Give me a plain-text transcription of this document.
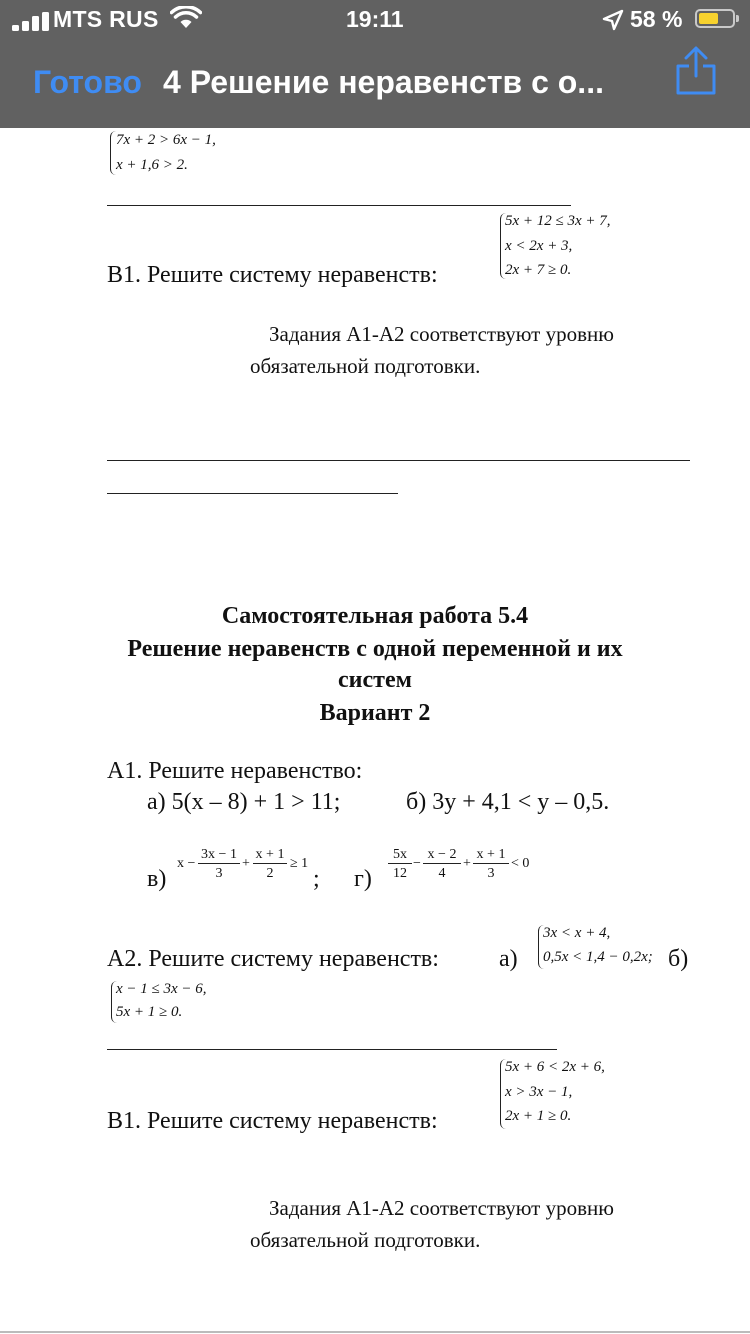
MTS RUS	19:11	58 %
Готово 4 Решение неравенств с о...
7x + 2 > 6x − 1,
x + 1,6 > 2.
5x + 12 ≤ 3x + 7,
x < 2x + 3,
2x + 7 ≥ 0.
B1. Решите систему неравенств:
Задания А1-А2 соответствуют уровню
обязательной подготовки.
Самостоятельная работа 5.4
Решение неравенств с одной переменной и их
систем
Вариант 2
А1. Решите неравенство:
а) 5(x – 8) + 1 > 11;	б) 3y + 4,1 < y – 0,5.
в)
$x - \frac{3x - 1}{3} + \frac{x + 1}{2} \ge 1$
; $г) \frac{5x}{12} - \frac{x - 2}{4} + \frac{x + 1}{3} < 0$
А2. Решите систему неравенств:	а)
3x < x + 4,
0,5x < 1,4 − 0,2x; б)
x − 1 ≤ 3x − 6,
5x + 1 ≥ 0.
5x + 6 < 2x + 6,
x > 3x − 1,
2x + 1 ≥ 0.
B1. Решите систему неравенств:
Задания А1-А2 соответствуют уровню
обязательной подготовки.
